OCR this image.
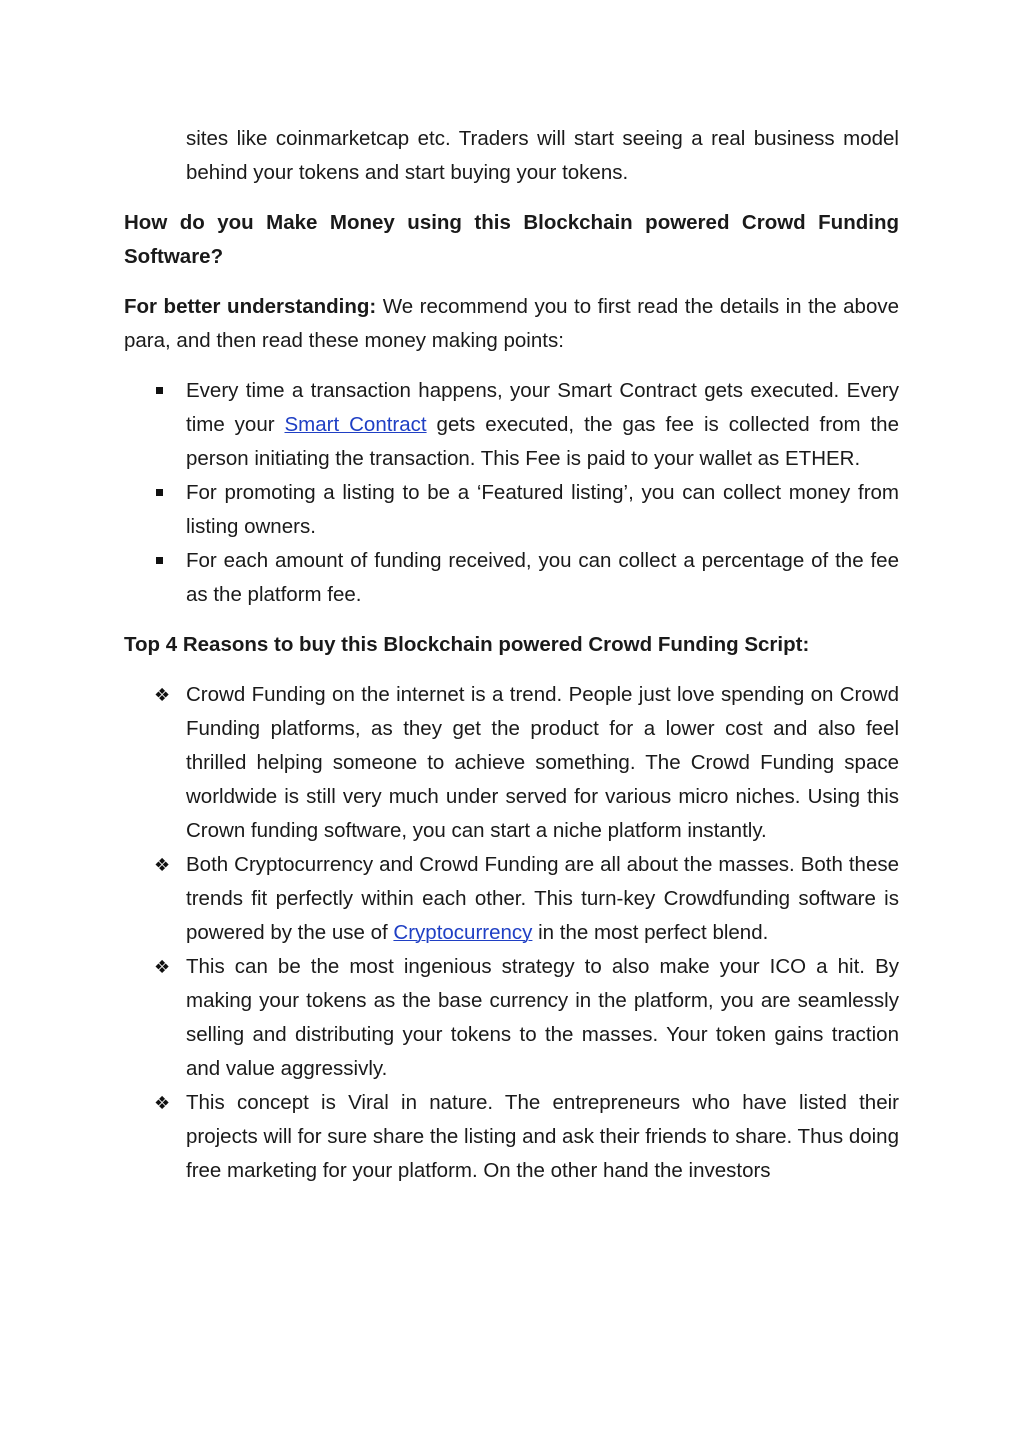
sites like coinmarketcap etc. Traders will start seeing a real business model behind your tokens and start buying your tokens.

How do you Make Money using this Blockchain powered Crowd Funding Software?

For better understanding: We recommend you to first read the details in the above para, and then read these money making points:

Every time a transaction happens, your Smart Contract gets executed. Every time your Smart Contract gets executed, the gas fee is collected from the person initiating the transaction. This Fee is paid to your wallet as ETHER.
For promoting a listing to be a ‘Featured listing’, you can collect money from listing owners.
For each amount of funding received, you can collect a percentage of the fee as the platform fee.

Top 4 Reasons to buy this Blockchain powered Crowd Funding Script:

❖ Crowd Funding on the internet is a trend. People just love spending on Crowd Funding platforms, as they get the product for a lower cost and also feel thrilled helping someone to achieve something. The Crowd Funding space worldwide is still very much under served for various micro niches. Using this Crown funding software, you can start a niche platform instantly.
❖ Both Cryptocurrency and Crowd Funding are all about the masses. Both these trends fit perfectly within each other. This turn-key Crowdfunding software is powered by the use of Cryptocurrency in the most perfect blend.
❖ This can be the most ingenious strategy to also make your ICO a hit. By making your tokens as the base currency in the platform, you are seamlessly selling and distributing your tokens to the masses. Your token gains traction and value aggressivly.
❖ This concept is Viral in nature. The entrepreneurs who have listed their projects will for sure share the listing and ask their friends to share. Thus doing free marketing for your platform. On the other hand the investors
